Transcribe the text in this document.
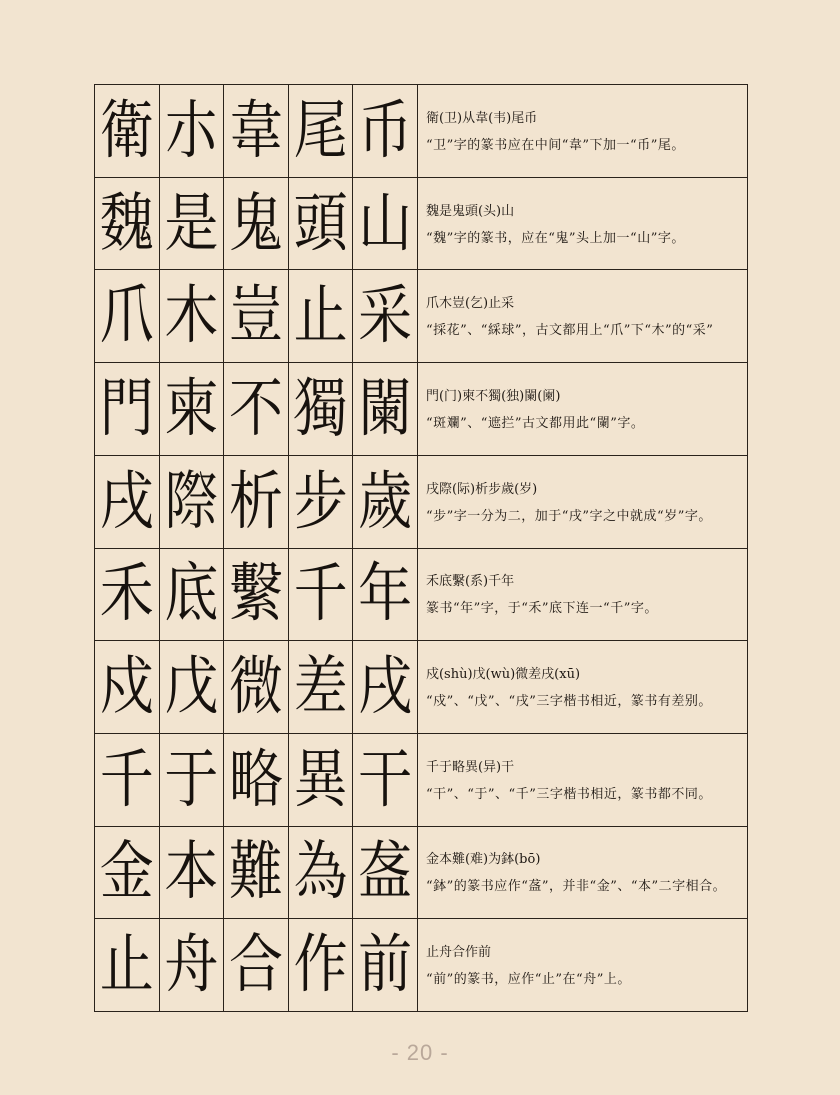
衛 朩 韋 尾 币 衛(卫)从韋(韦)尾币
“卫”字的篆书应在中间“韋”下加一“币”尾。
魏 是 鬼 頭 山 魏是鬼頭(头)山
“魏”字的篆书，应在“鬼”头上加一“山”字。
爪 木 豈 止 采 爪木豈(乞)止采
“採花”、“綵球”，古文都用上“爪”下“木”的“采”
門 柬 不 獨 闌 門(门)柬不獨(独)闌(阑)
“斑斕”、“遮拦”古文都用此“闌”字。
戌 際 析 步 歲 戌際(际)析步歲(岁)
“步”字一分为二，加于“戌”字之中就成“岁”字。
禾 底 繫 千 年 禾底繫(系)千年
篆书“年”字，于“禾”底下连一“千”字。
戍 戊 微 差 戌 戍(shù)戊(wù)微差戌(xū)
“戍”、“戊”、“戌”三字楷书相近，篆书有差别。
千 于 略 異 干 千于略異(异)干
“干”、“于”、“千”三字楷书相近，篆书都不同。
金 本 難 為 盋 金本難(难)为鉢(bō)
“鉢”的篆书应作“盋”，并非“金”、“本”二字相合。
止 舟 合 作 前 止舟合作前
“前”的篆书，应作“止”在“舟”上。
- 20 -
